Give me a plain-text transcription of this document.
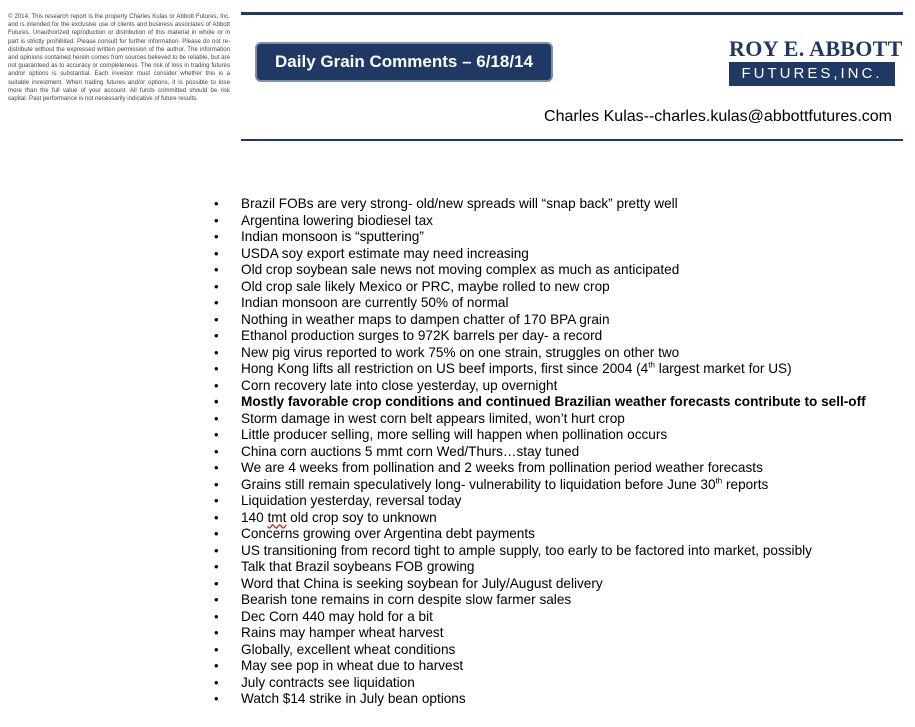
© 2014. This research report is the property Charles Kulas or Abbott Futures, Inc. and is intended for the exclusive use of clients and business associates of Abbott Futures. Unauthorized reproduction or distribution of this material in whole or in part is strictly prohibited. Please consult for further information. Please do not re-distribute without the expressed written permission of the author. The information and opinions contained herein comes from sources believed to be reliable, but are not guaranteed as to accuracy or completeness. The risk of loss in trading futures and/or options is substantial. Each investor must consider whether this is a suitable investment. When trading futures and/or options, it is possible to lose more than the full value of your account. All funds committed should be risk capital. Past performance is not necessarily indicative of future results.
Daily Grain Comments – 6/18/14
ROY E. ABBOTT
FUTURES,INC.
Charles Kulas--charles.kulas@abbottfutures.com
• Brazil FOBs are very strong- old/new spreads will “snap back” pretty well
• Argentina lowering biodiesel tax
• Indian monsoon is “sputtering”
• USDA soy export estimate may need increasing
• Old crop soybean sale news not moving complex as much as anticipated
• Old crop sale likely Mexico or PRC, maybe rolled to new crop
• Indian monsoon are currently 50% of normal
• Nothing in weather maps to dampen chatter of 170 BPA grain
• Ethanol production surges to 972K barrels per day- a record
• New pig virus reported to work 75% on one strain, struggles on other two
• Hong Kong lifts all restriction on US beef imports, first since 2004 (4th largest market for US)
• Corn recovery late into close yesterday, up overnight
• Mostly favorable crop conditions and continued Brazilian weather forecasts contribute to sell-off
• Storm damage in west corn belt appears limited, won’t hurt crop
• Little producer selling, more selling will happen when pollination occurs
• China corn auctions 5 mmt corn Wed/Thurs…stay tuned
• We are 4 weeks from pollination and 2 weeks from pollination period weather forecasts
• Grains still remain speculatively long- vulnerability to liquidation before June 30th reports
• Liquidation yesterday, reversal today
• 140 tmt old crop soy to unknown
• Concerns growing over Argentina debt payments
• US transitioning from record tight to ample supply, too early to be factored into market, possibly
• Talk that Brazil soybeans FOB growing
• Word that China is seeking soybean for July/August delivery
• Bearish tone remains in corn despite slow farmer sales
• Dec Corn 440 may hold for a bit
• Rains may hamper wheat harvest
• Globally, excellent wheat conditions
• May see pop in wheat due to harvest
• July contracts see liquidation
• Watch $14 strike in July bean options
